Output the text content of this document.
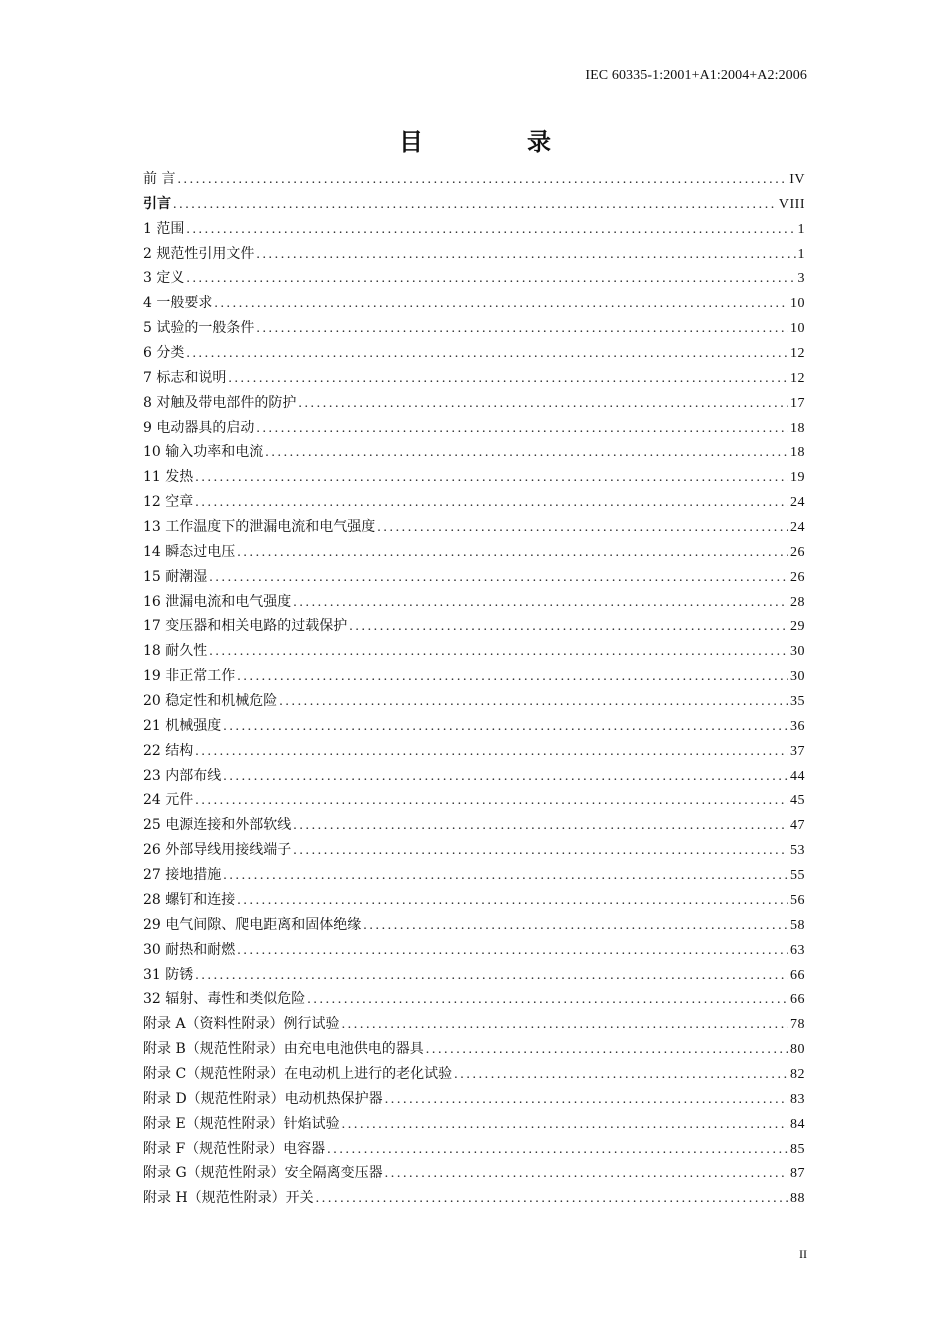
IEC 60335-1:2001+A1:2004+A2:2006
目　录
前 言 .....	IV
引言 .....	VIII
1 范围 .....	1
2 规范性引用文件 .....	1
3 定义 .....	3
4 一般要求 .....	10
5 试验的一般条件 .....	10
6 分类 .....	12
7 标志和说明 .....	12
8 对触及带电部件的防护 .....	17
9 电动器具的启动 .....	18
10 输入功率和电流 .....	18
11 发热 .....	19
12 空章 .....	24
13 工作温度下的泄漏电流和电气强度 .....	24
14 瞬态过电压 .....	26
15 耐潮湿 .....	26
16 泄漏电流和电气强度 .....	28
17 变压器和相关电路的过载保护 .....	29
18 耐久性 .....	30
19 非正常工作 .....	30
20 稳定性和机械危险 .....	35
21 机械强度 .....	36
22 结构 .....	37
23 内部布线 .....	44
24 元件 .....	45
25 电源连接和外部软线 .....	47
26 外部导线用接线端子 .....	53
27 接地措施 .....	55
28 螺钉和连接 .....	56
29 电气间隙、爬电距离和固体绝缘 .....	58
30 耐热和耐燃 .....	63
31 防锈 .....	66
32 辐射、毒性和类似危险 .....	66
附录 A（资料性附录）例行试验 .....	78
附录 B（规范性附录）由充电电池供电的器具 .....	80
附录 C（规范性附录）在电动机上进行的老化试验 .....	82
附录 D（规范性附录）电动机热保护器 .....	83
附录 E（规范性附录）针焰试验 .....	84
附录 F（规范性附录）电容器 .....	85
附录 G（规范性附录）安全隔离变压器 .....	87
附录 H（规范性附录）开关 .....	88
II
